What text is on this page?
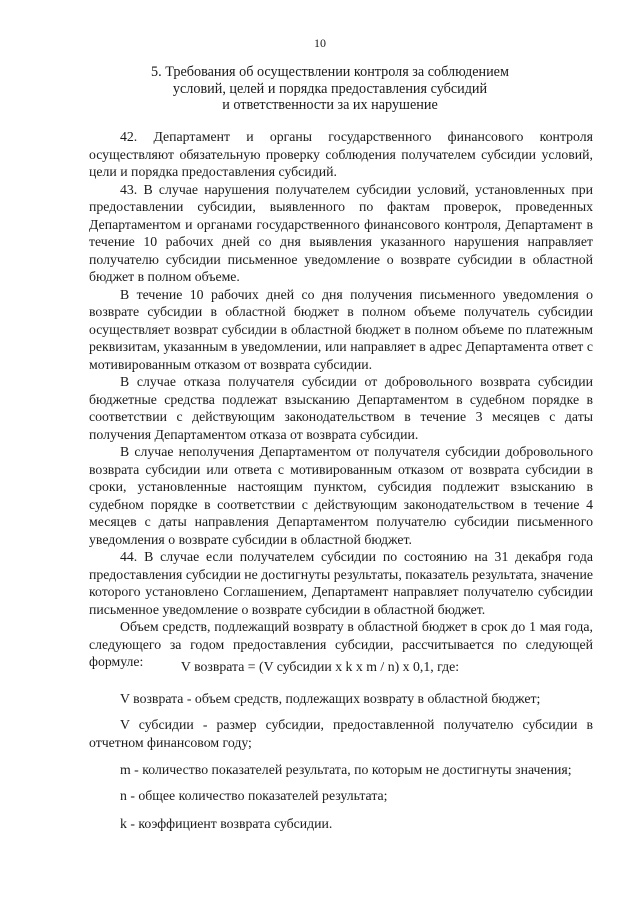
10
5. Требования об осуществлении контроля за соблюдением
условий, целей и порядка предоставления субсидий
и ответственности за их нарушение

42. Департамент и органы государственного финансового контроля осуществляют обязательную проверку соблюдения получателем субсидии условий, цели и порядка предоставления субсидий.

43. В случае нарушения получателем субсидии условий, установленных при предоставлении субсидии, выявленного по фактам проверок, проведенных Департаментом и органами государственного финансового контроля, Департамент в течение 10 рабочих дней со дня выявления указанного нарушения направляет получателю субсидии письменное уведомление о возврате субсидии в областной бюджет в полном объеме.

В течение 10 рабочих дней со дня получения письменного уведомления о возврате субсидии в областной бюджет в полном объеме получатель субсидии осуществляет возврат субсидии в областной бюджет в полном объеме по платежным реквизитам, указанным в уведомлении, или направляет в адрес Департамента ответ с мотивированным отказом от возврата субсидии.

В случае отказа получателя субсидии от добровольного возврата субсидии бюджетные средства подлежат взысканию Департаментом в судебном порядке в соответствии с действующим законодательством в течение 3 месяцев с даты получения Департаментом отказа от возврата субсидии.

В случае неполучения Департаментом от получателя субсидии добровольного возврата субсидии или ответа с мотивированным отказом от возврата субсидии в сроки, установленные настоящим пунктом, субсидия подлежит взысканию в судебном порядке в соответствии с действующим законодательством в течение 4 месяцев с даты направления Департаментом получателю субсидии письменного уведомления о возврате субсидии в областной бюджет.

44. В случае если получателем субсидии по состоянию на 31 декабря года предоставления субсидии не достигнуты результаты, показатель результата, значение которого установлено Соглашением, Департамент направляет получателю субсидии письменное уведомление о возврате субсидии в областной бюджет.

Объем средств, подлежащий возврату в областной бюджет в срок до 1 мая года, следующего за годом предоставления субсидии, рассчитывается по следующей формуле:	V возврата = (V субсидии x k x m / n) x 0,1, где:

V возврата - объем средств, подлежащих возврату в областной бюджет;

V субсидии - размер субсидии, предоставленной получателю субсидии в отчетном финансовом году;

m - количество показателей результата, по которым не достигнуты значения;

n - общее количество показателей результата;

k - коэффициент возврата субсидии.
